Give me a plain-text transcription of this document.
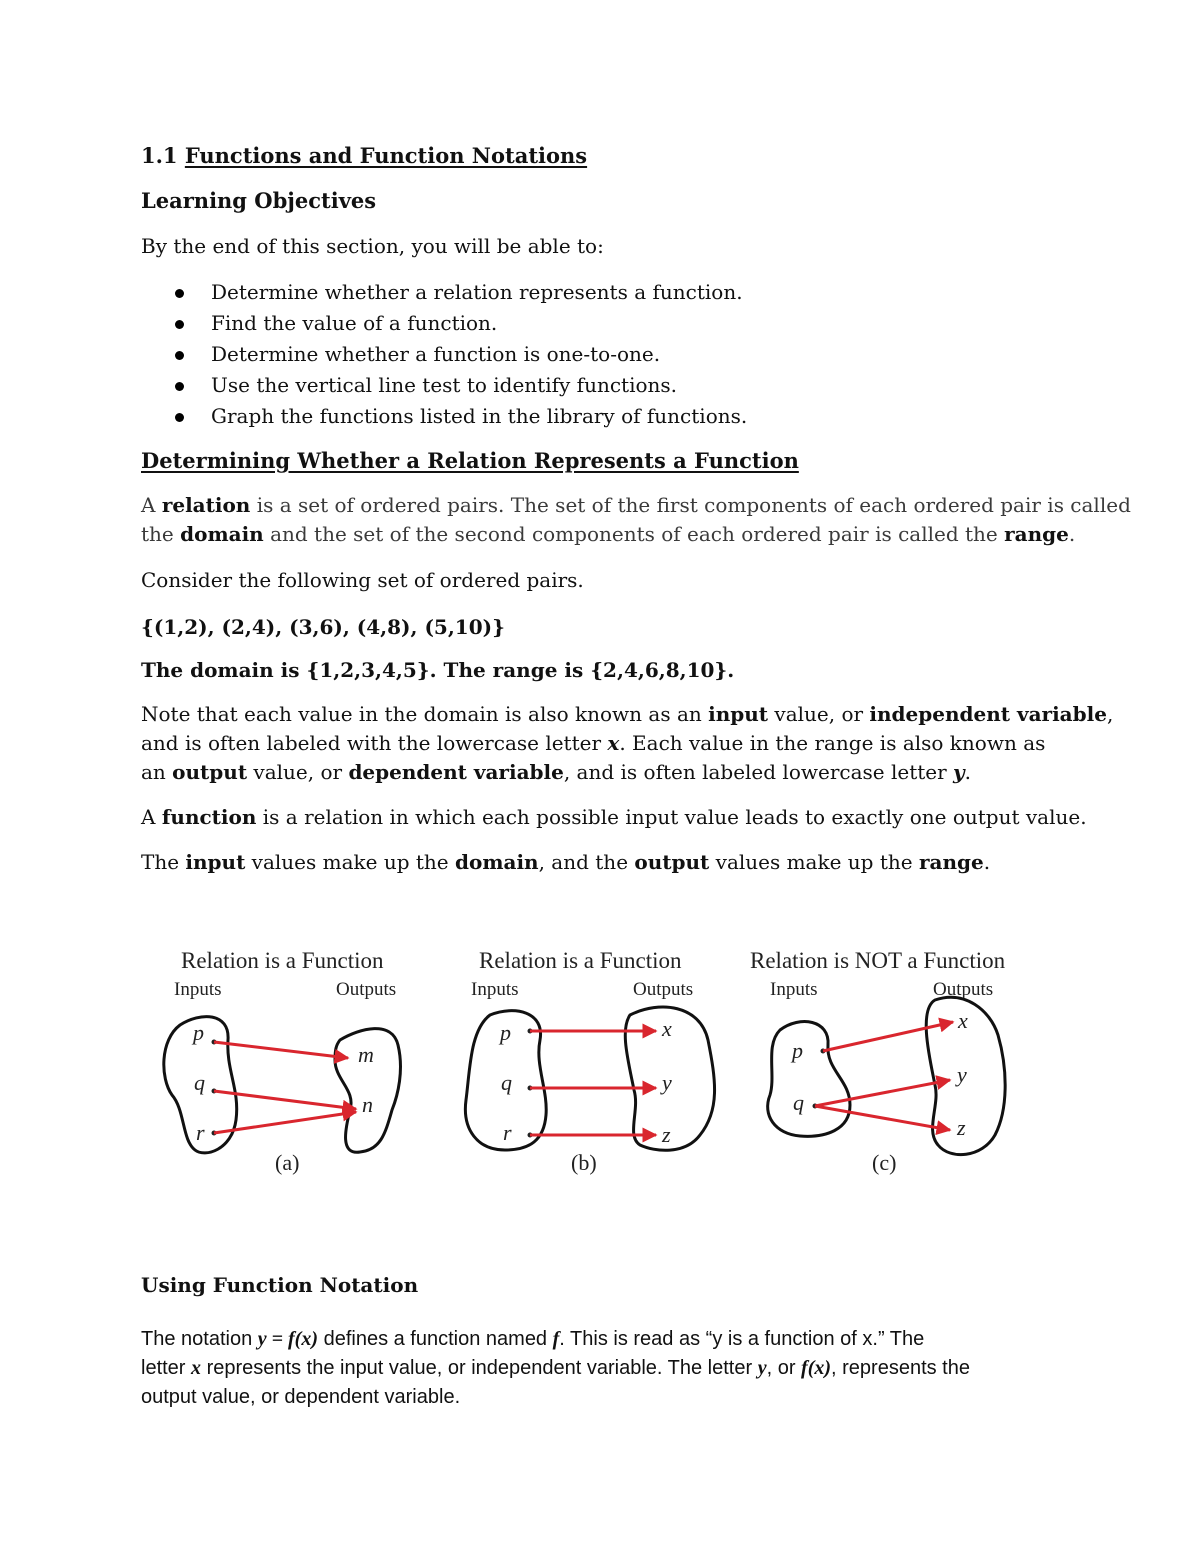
1.1 Functions and Function Notations
Learning Objectives
By the end of this section, you will be able to:
Determine whether a relation represents a function.
Find the value of a function.
Determine whether a function is one-to-one.
Use the vertical line test to identify functions.
Graph the functions listed in the library of functions.
Determining Whether a Relation Represents a Function
A relation is a set of ordered pairs. The set of the first components of each ordered pair is called
the domain and the set of the second components of each ordered pair is called the range.
Consider the following set of ordered pairs.
{(1,2), (2,4), (3,6), (4,8), (5,10)}
The domain is {1,2,3,4,5}. The range is {2,4,6,8,10}.
Note that each value in the domain is also known as an input value, or independent variable,
and is often labeled with the lowercase letter x. Each value in the range is also known as
an output value, or dependent variable, and is often labeled lowercase letter y.
A function is a relation in which each possible input value leads to exactly one output value.
The input values make up the domain, and the output values make up the range.
Relation is a Function
Inputs	Outputs
(a)
Relation is a Function
Inputs	Outputs
(b)
Relation is NOT a Function
Inputs	Outputs
(c)
p
q
r
m
n
p
q
r
x
y
z
p
q
x
y
z
Using Function Notation
The notation y = f(x) defines a function named f. This is read as “y is a function of x.” The
letter x represents the input value, or independent variable. The letter y, or f(x), represents the
output value, or dependent variable.
